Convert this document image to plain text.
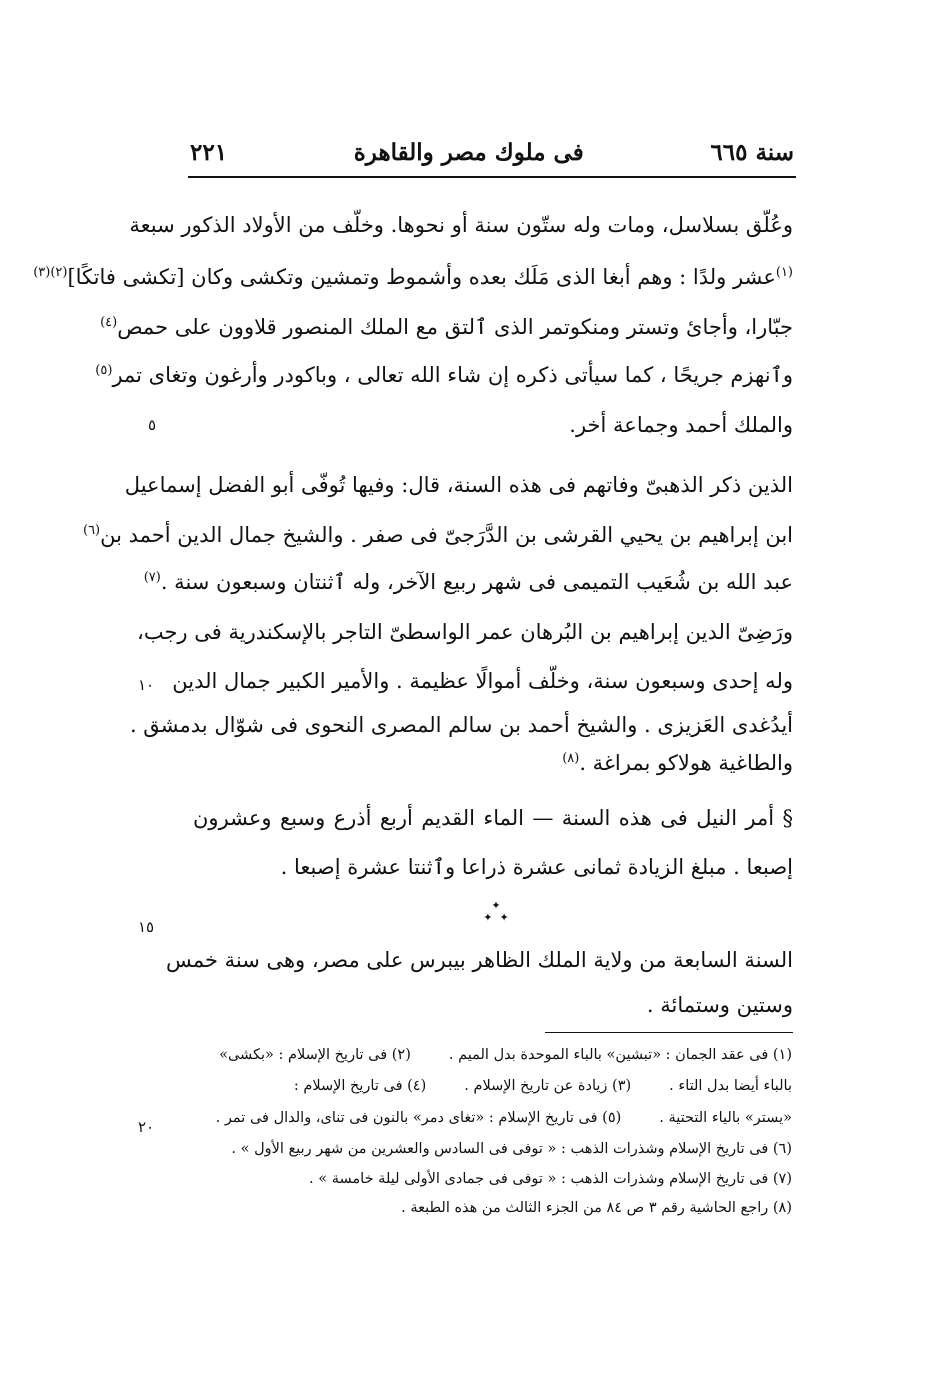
سنة ٦٦٥
فى ملوك مصر والقاهرة
٢٢١
وعُلّق بسلاسل، ومات وله ستّون سنة أو نحوها. وخلّف من الأولاد الذكور سبعة
$^{(١)}$عشر ولدًا : وهم أبغا الذى مَلَك بعده وأشموط وتمشين وتكشى وكان [تكشى فاتكًا]$^{(٢)(٣)}$
جبّارا، وأجاىٔ وتستر ومنكوتمر الذى ٱلتق مع الملك المنصور قلاوون على حمص$^{(٤)}$
وٱنهزم جريحًا ، كما سيأتى ذكره إن شاء الله تعالى ، وباكودر وأرغون وتغاى تمر$^{(٥)}$
والملك أحمد وجماعة أخر.
الذين ذكر الذهبىّ وفاتهم فى هذه السنة، قال: وفيها تُوفّى أبو الفضل إسماعيل
ابن إبراهيم بن يحيي القرشى بن الدَّرَجىّ فى صفر . والشيخ جمال الدين أحمد بن$^{(٦)}$
عبد الله بن شُعَيب التميمى فى شهر ربيع الآخر، وله ٱثنتان وسبعون سنة .$^{(٧)}$
ورَضِىّ الدين إبراهيم بن البُرهان عمر الواسطىّ التاجر بالإسكندرية فى رجب،
وله إحدى وسبعون سنة، وخلّف أموالًا عظيمة . والأمير الكبير جمال الدين
أيدُغدى العَزيزى . والشيخ أحمد بن سالم المصرى النحوى فى شوّال بدمشق .
والطاغية هولاكو بمراغة .$^{(٨)}$
§ أمر النيل فى هذه السنة — الماء القديم أربع أذرع وسبع وعشرون
إصبعا . مبلغ الزيادة ثمانى عشرة ذراعا وٱثنتا عشرة إصبعا .
✦
✦ ✦
السنة السابعة من ولاية الملك الظاهر بيبرس على مصر، وهى سنة خمس
وستين وستمائة .
٥
١٠
١٥
٢٠
(١) فى عقد الجمان : «تبشين» بالباء الموحدة بدل الميم .(٢) فى تاريخ الإسلام : «بكشى»
بالباء أيضا بدل التاء .(٣) زيادة عن تاريخ الإسلام .(٤) فى تاريخ الإسلام :
«يستر» بالياء التحتية .(٥) فى تاريخ الإسلام : «تغاى دمر» بالنون فى تناى، والدال فى تمر .
(٦) فى تاريخ الإسلام وشذرات الذهب : « توفى فى السادس والعشرين من شهر ربيع الأول » .
(٧) فى تاريخ الإسلام وشذرات الذهب : « توفى فى جمادى الأولى ليلة خامسة » .
(٨) راجع الحاشية رقم ٣ ص ٨٤ من الجزء الثالث من هذه الطبعة .
